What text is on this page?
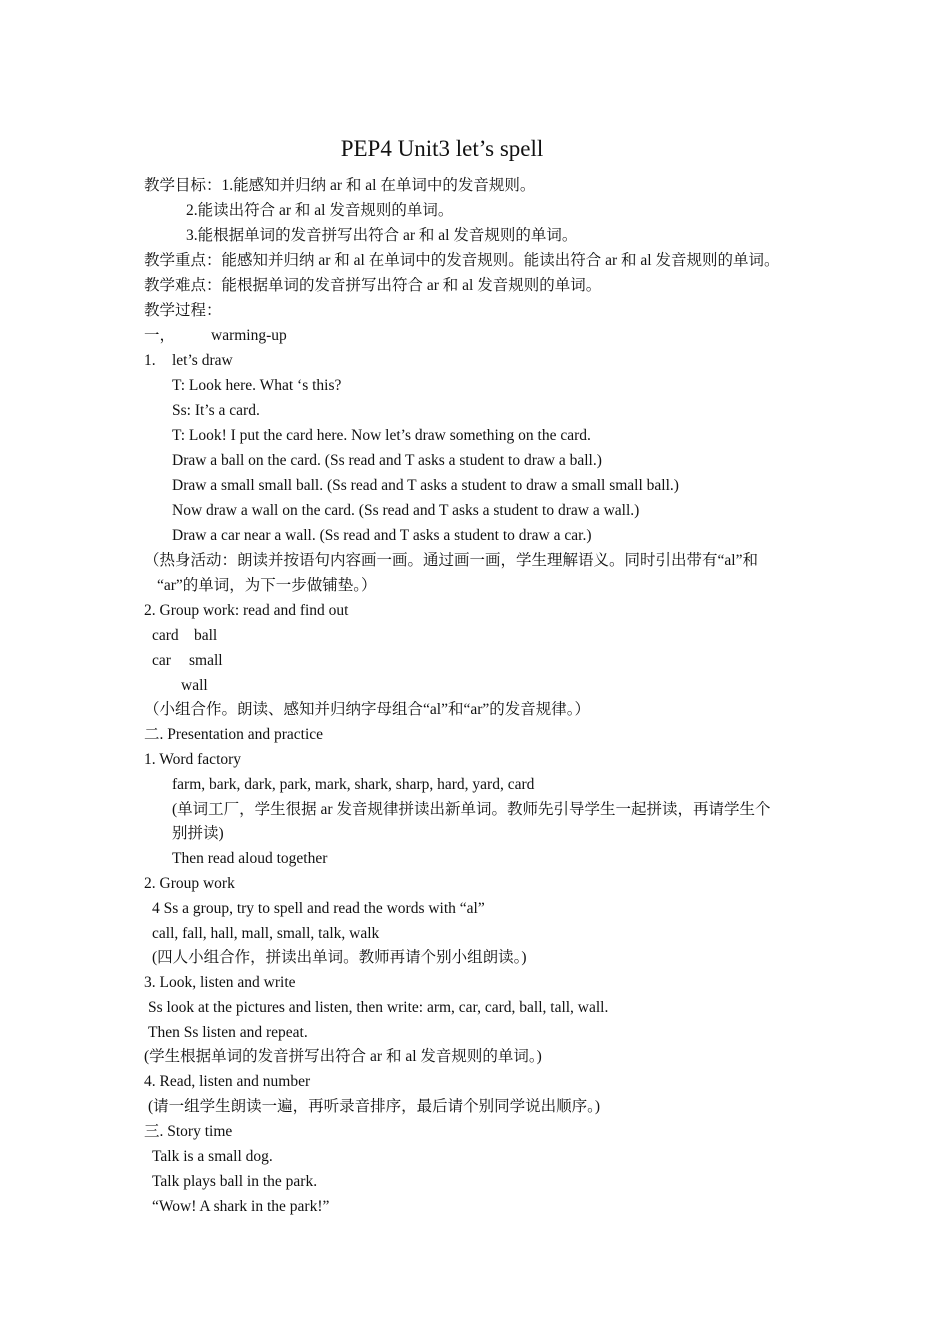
PEP4 Unit3 let’s spell
教学目标：1.能感知并归纳 ar 和 al 在单词中的发音规则。
2.能读出符合 ar 和 al 发音规则的单词。
3.能根据单词的发音拼写出符合 ar 和 al 发音规则的单词。
教学重点：能感知并归纳 ar 和 al 在单词中的发音规则。能读出符合 ar 和 al 发音规则的单词。
教学难点：能根据单词的发音拼写出符合 ar 和 al 发音规则的单词。
教学过程：
一， warming-up
1. let’s draw
T: Look here. What ‘s this?
Ss: It’s a card.
T: Look! I put the card here. Now let’s draw something on the card.
Draw a ball on the card. (Ss read and T asks a student to draw a ball.)
Draw a small small ball. (Ss read and T asks a student to draw a small small ball.)
Now draw a wall on the card. (Ss read and T asks a student to draw a wall.)
Draw a car near a wall. (Ss read and T asks a student to draw a car.)
（热身活动：朗读并按语句内容画一画。通过画一画，学生理解语义。同时引出带有“al”和
“ar”的单词，为下一步做铺垫。）
2. Group work: read and find out
card ball
car small
wall
（小组合作。朗读、感知并归纳字母组合“al”和“ar”的发音规律。）
二. Presentation and practice
1. Word factory
farm, bark, dark, park, mark, shark, sharp, hard, yard, card
(单词工厂，学生很据 ar 发音规律拼读出新单词。教师先引导学生一起拼读，再请学生个
别拼读)
Then read aloud together
2. Group work
4 Ss a group, try to spell and read the words with “al”
call, fall, hall, mall, small, talk, walk
(四人小组合作，拼读出单词。教师再请个别小组朗读。)
3. Look, listen and write
Ss look at the pictures and listen, then write: arm, car, card, ball, tall, wall.
Then Ss listen and repeat.
(学生根据单词的发音拼写出符合 ar 和 al 发音规则的单词。)
4. Read, listen and number
(请一组学生朗读一遍，再听录音排序，最后请个别同学说出顺序。)
三. Story time
Talk is a small dog.
Talk plays ball in the park.
“Wow! A shark in the park!”
